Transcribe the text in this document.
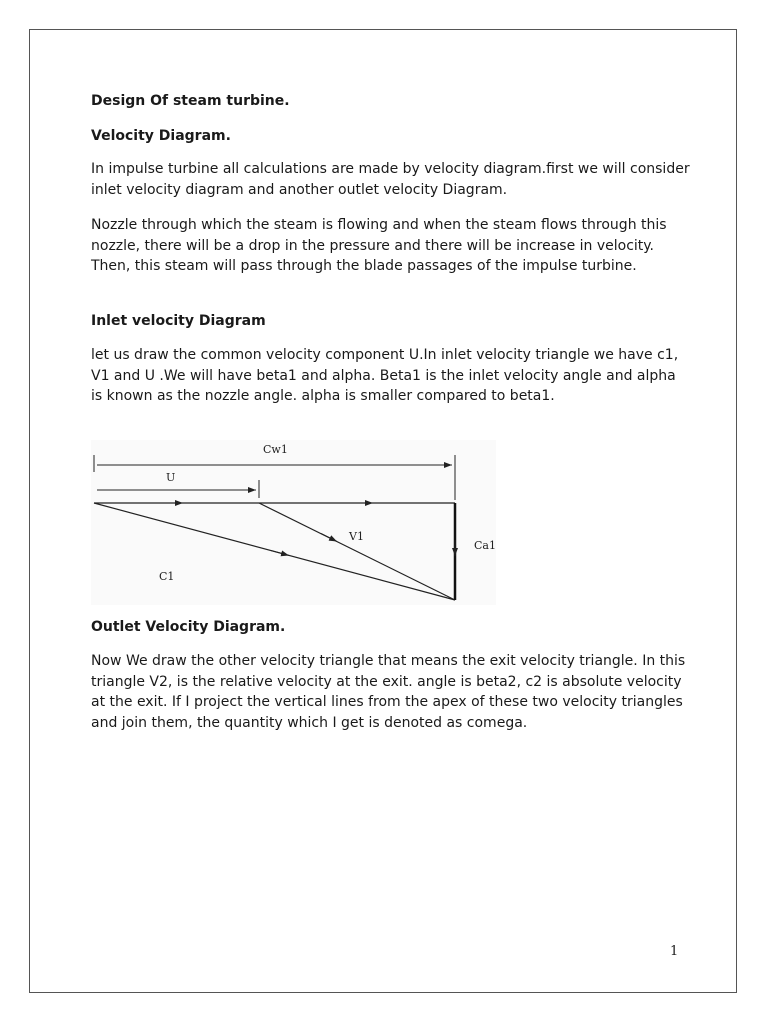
Design Of steam turbine.

Velocity Diagram.

In impulse turbine all calculations are made by velocity diagram.first we will consider inlet velocity diagram and another outlet velocity Diagram.

Nozzle through which the steam is flowing and when the steam flows through this nozzle, there will be a drop in the pressure and there will be increase in velocity. Then, this steam will pass through the blade passages of the impulse turbine.

Inlet velocity Diagram

let us draw the common velocity component U.In inlet velocity triangle we have c1, V1 and U .We will have beta1 and alpha. Beta1 is the inlet velocity angle and alpha is known as the nozzle angle. alpha is smaller compared to beta1.

Outlet Velocity Diagram.

Now We draw the other velocity triangle that means the exit velocity triangle. In this triangle V2, is the relative velocity at the exit. angle is beta2, c2 is absolute velocity at the exit. If I project the vertical lines from the apex of these two velocity triangles and join them, the quantity which I get is denoted as comega.

Cw1
U
C1
V1
Ca1
1
